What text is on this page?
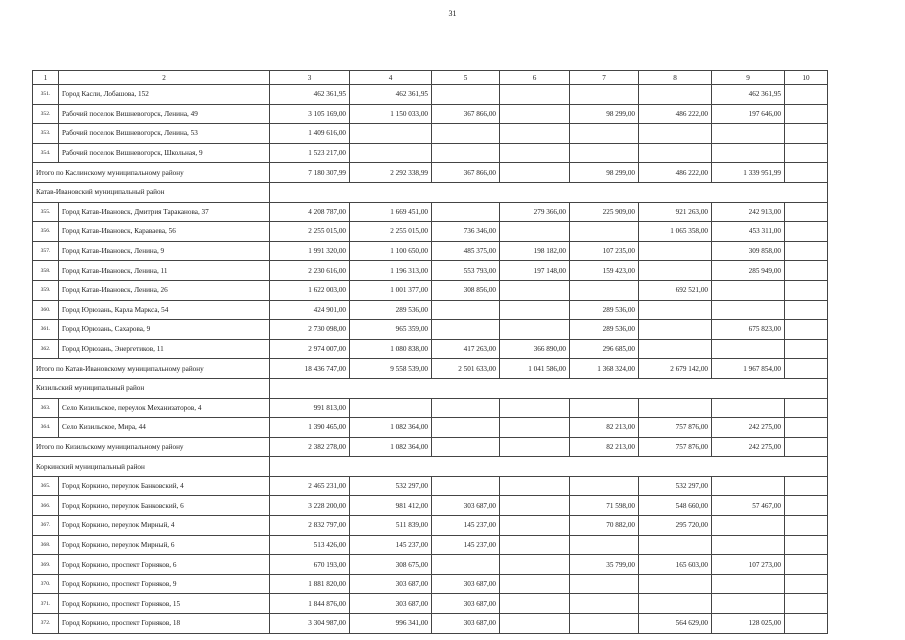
31
1	2	3	4	5	6	7	8	9	10
351.	Город Касли, Лобашова, 152	462 361,95	462 361,95					462 361,95	
352.	Рабочий поселок Вишневогорск, Ленина, 49	3 105 169,00	1 150 033,00	367 866,00		98 299,00	486 222,00	197 646,00	
353.	Рабочий поселок Вишневогорск, Ленина, 53	1 409 616,00							
354.	Рабочий поселок Вишневогорск, Школьная, 9	1 523 217,00							
Итого по Каслинскому муниципальному району		7 180 307,99	2 292 338,99	367 866,00		98 299,00	486 222,00	1 339 951,99	
Катав-Ивановский муниципальный район									
355.	Город Катав-Ивановск, Дмитрия Тараканова, 37	4 208 787,00	1 669 451,00		279 366,00	225 909,00	921 263,00	242 913,00	
356.	Город Катав-Ивановск, Караваева, 56	2 255 015,00	2 255 015,00	736 346,00			1 065 358,00	453 311,00	
357.	Город Катав-Ивановск, Ленина, 9	1 991 320,00	1 100 650,00	485 375,00	198 182,00	107 235,00		309 858,00	
358.	Город Катав-Ивановск, Ленина, 11	2 230 616,00	1 196 313,00	553 793,00	197 148,00	159 423,00		285 949,00	
359.	Город Катав-Ивановск, Ленина, 26	1 622 003,00	1 001 377,00	308 856,00			692 521,00		
360.	Город Юрюзань, Карла Маркса, 54	424 901,00	289 536,00			289 536,00			
361.	Город Юрюзань, Сахарова, 9	2 730 098,00	965 359,00			289 536,00		675 823,00	
362.	Город Юрюзань, Энергетиков, 11	2 974 007,00	1 080 838,00	417 263,00	366 890,00	296 685,00			
Итого по Катав-Ивановскому муниципальному району		18 436 747,00	9 558 539,00	2 501 633,00	1 041 586,00	1 368 324,00	2 679 142,00	1 967 854,00	
Кизильский муниципальный район									
363.	Село Кизильское, переулок Механизаторов, 4	991 813,00							
364.	Село Кизильское, Мира, 44	1 390 465,00	1 082 364,00			82 213,00	757 876,00	242 275,00	
Итого по Кизильскому муниципальному району		2 382 278,00	1 082 364,00			82 213,00	757 876,00	242 275,00	
Коркинский муниципальный район									
365.	Город Коркино, переулок Банковский, 4	2 465 231,00	532 297,00				532 297,00		
366.	Город Коркино, переулок Банковский, 6	3 228 200,00	981 412,00	303 687,00		71 598,00	548 660,00	57 467,00	
367.	Город Коркино, переулок Мирный, 4	2 832 797,00	511 839,00	145 237,00		70 882,00	295 720,00		
368.	Город Коркино, переулок Мирный, 6	513 426,00	145 237,00	145 237,00					
369.	Город Коркино, проспект Горняков, 6	670 193,00	308 675,00			35 799,00	165 603,00	107 273,00	
370.	Город Коркино, проспект Горняков, 9	1 881 820,00	303 687,00	303 687,00					
371.	Город Коркино, проспект Горняков, 15	1 844 876,00	303 687,00	303 687,00					
372.	Город Коркино, проспект Горняков, 18	3 304 987,00	996 341,00	303 687,00			564 629,00	128 025,00	
